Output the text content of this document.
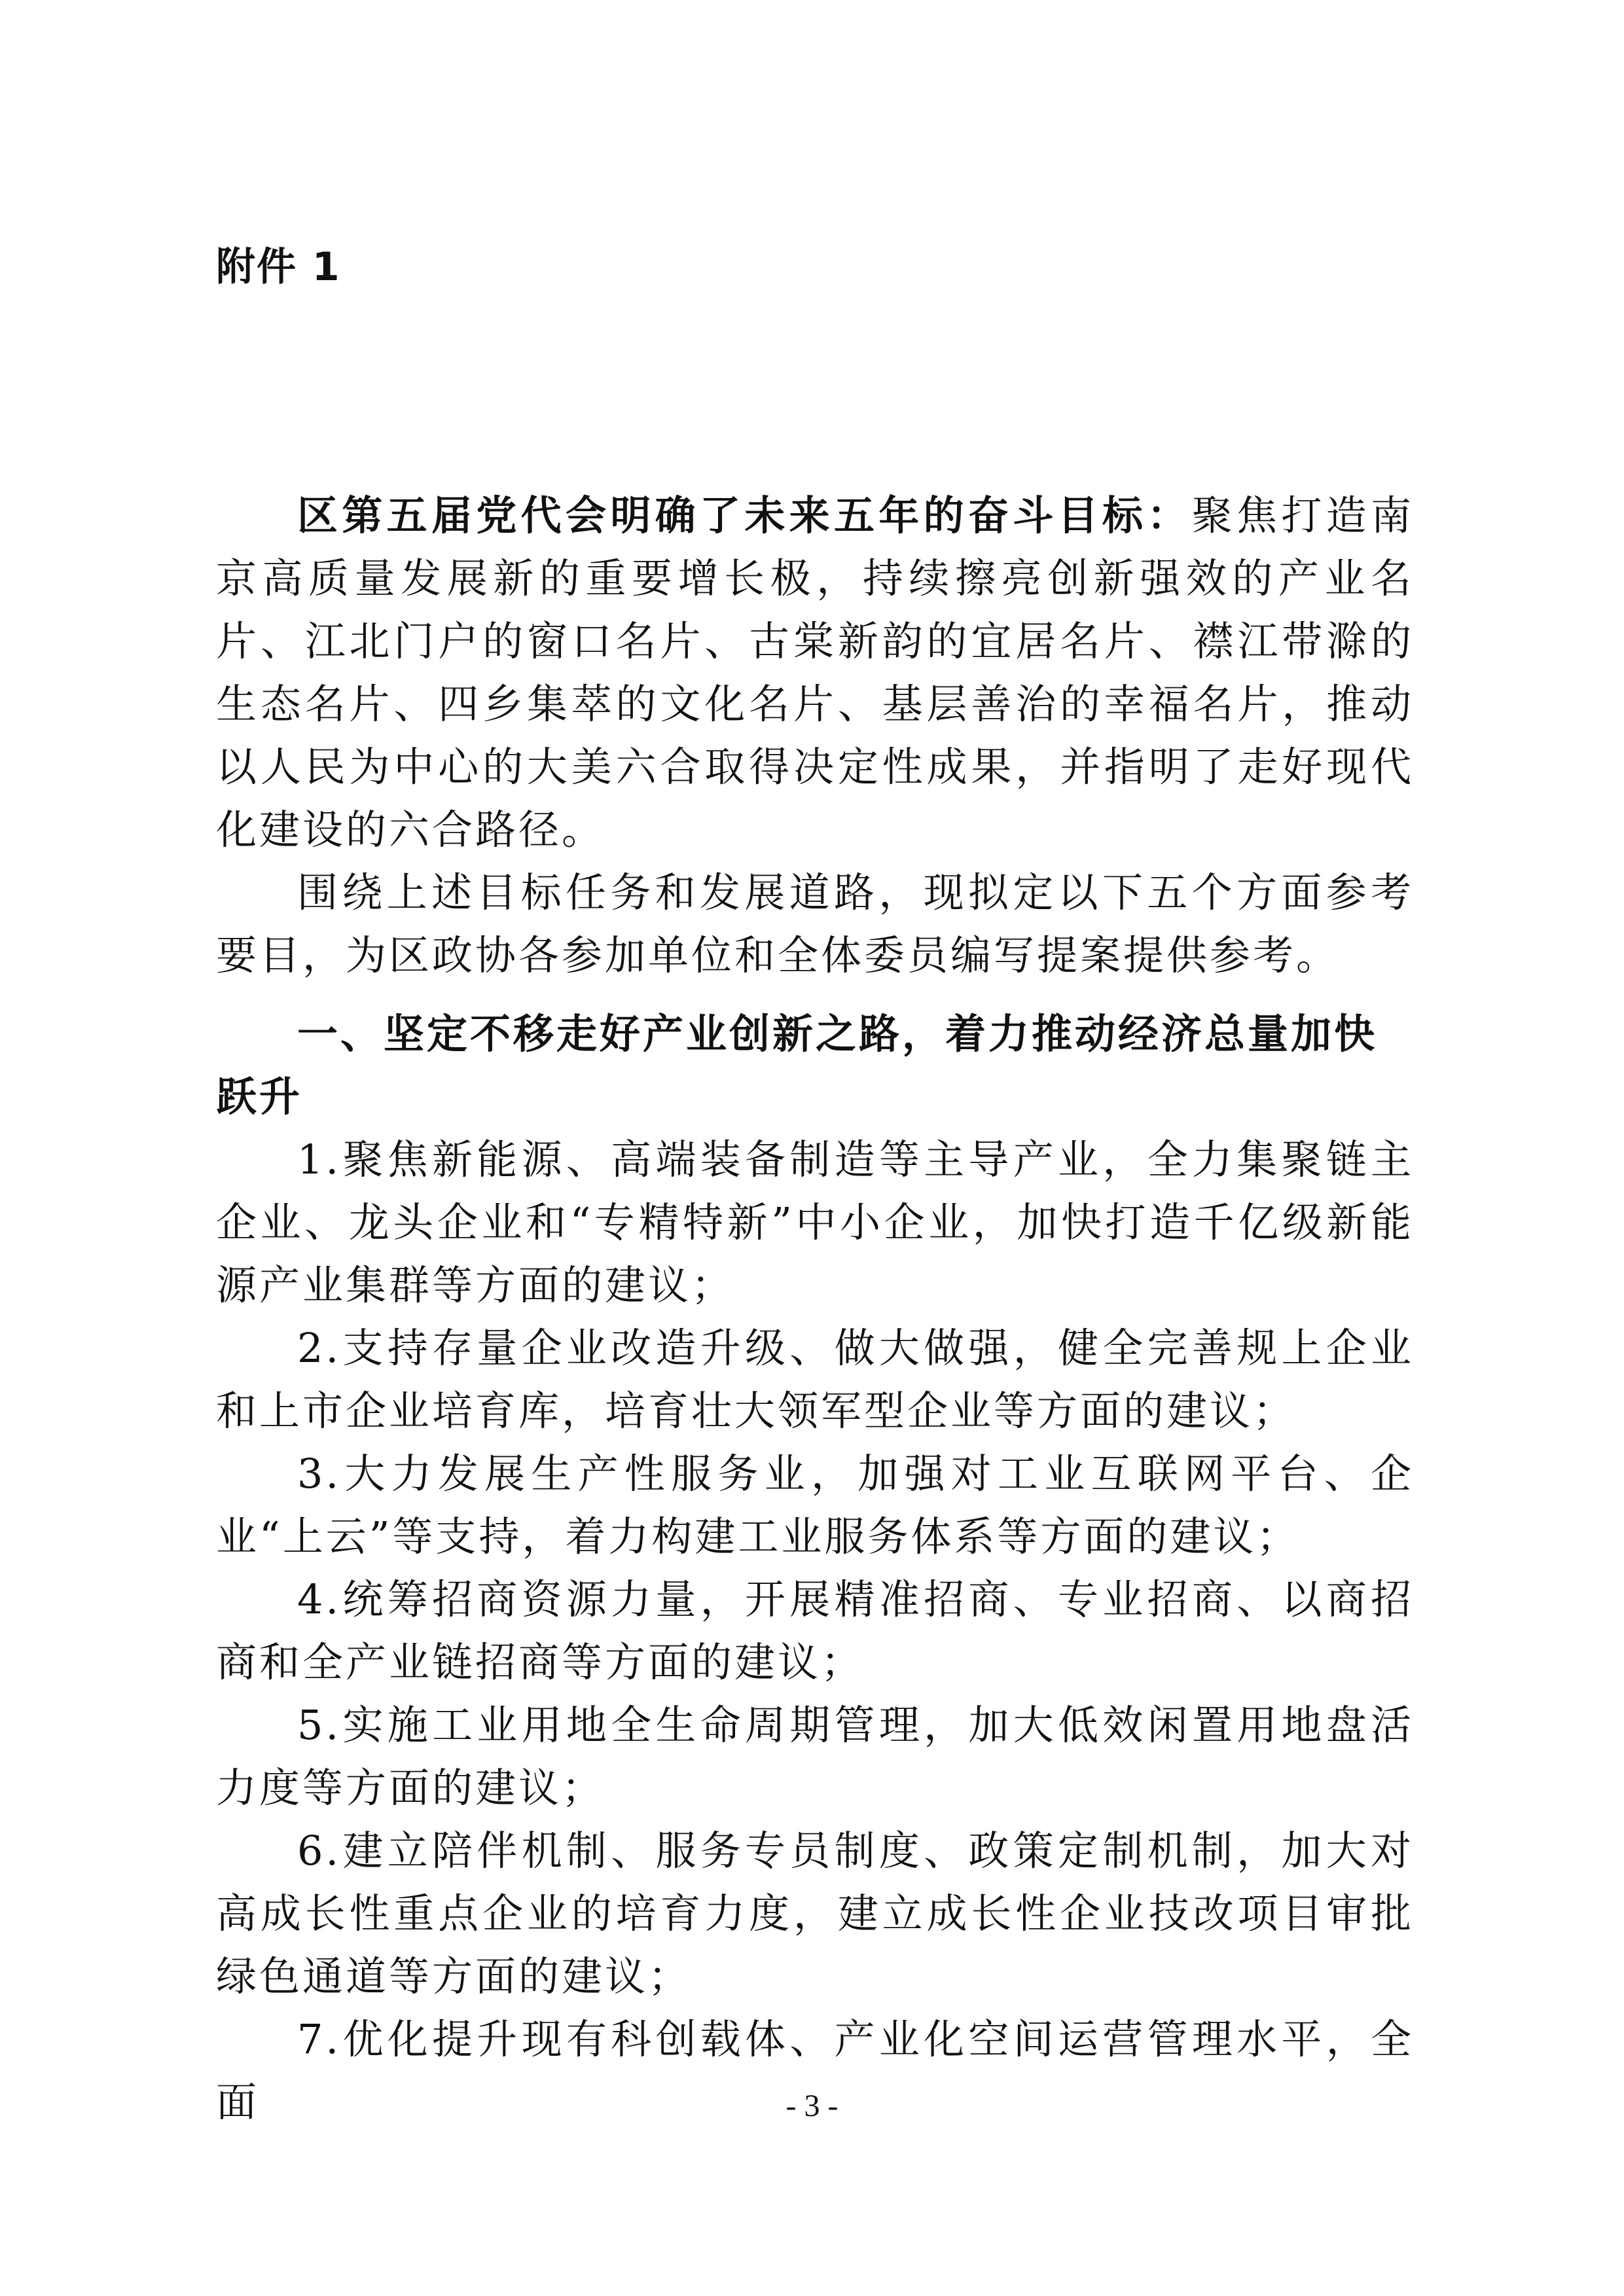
附件 1

区第五届党代会明确了未来五年的奋斗目标：聚焦打造南京高质量发展新的重要增长极，持续擦亮创新强效的产业名片、江北门户的窗口名片、古棠新韵的宜居名片、襟江带滁的生态名片、四乡集萃的文化名片、基层善治的幸福名片，推动以人民为中心的大美六合取得决定性成果，并指明了走好现代化建设的六合路径。

围绕上述目标任务和发展道路，现拟定以下五个方面参考要目，为区政协各参加单位和全体委员编写提案提供参考。

一、坚定不移走好产业创新之路，着力推动经济总量加快跃升

1.聚焦新能源、高端装备制造等主导产业，全力集聚链主企业、龙头企业和“专精特新”中小企业，加快打造千亿级新能源产业集群等方面的建议；

2.支持存量企业改造升级、做大做强，健全完善规上企业和上市企业培育库，培育壮大领军型企业等方面的建议；

3.大力发展生产性服务业，加强对工业互联网平台、企业“上云”等支持，着力构建工业服务体系等方面的建议；

4.统筹招商资源力量，开展精准招商、专业招商、以商招商和全产业链招商等方面的建议；

5.实施工业用地全生命周期管理，加大低效闲置用地盘活力度等方面的建议；

6.建立陪伴机制、服务专员制度、政策定制机制，加大对高成长性重点企业的培育力度，建立成长性企业技改项目审批绿色通道等方面的建议；

7.优化提升现有科创载体、产业化空间运营管理水平，全面	- 3 -
